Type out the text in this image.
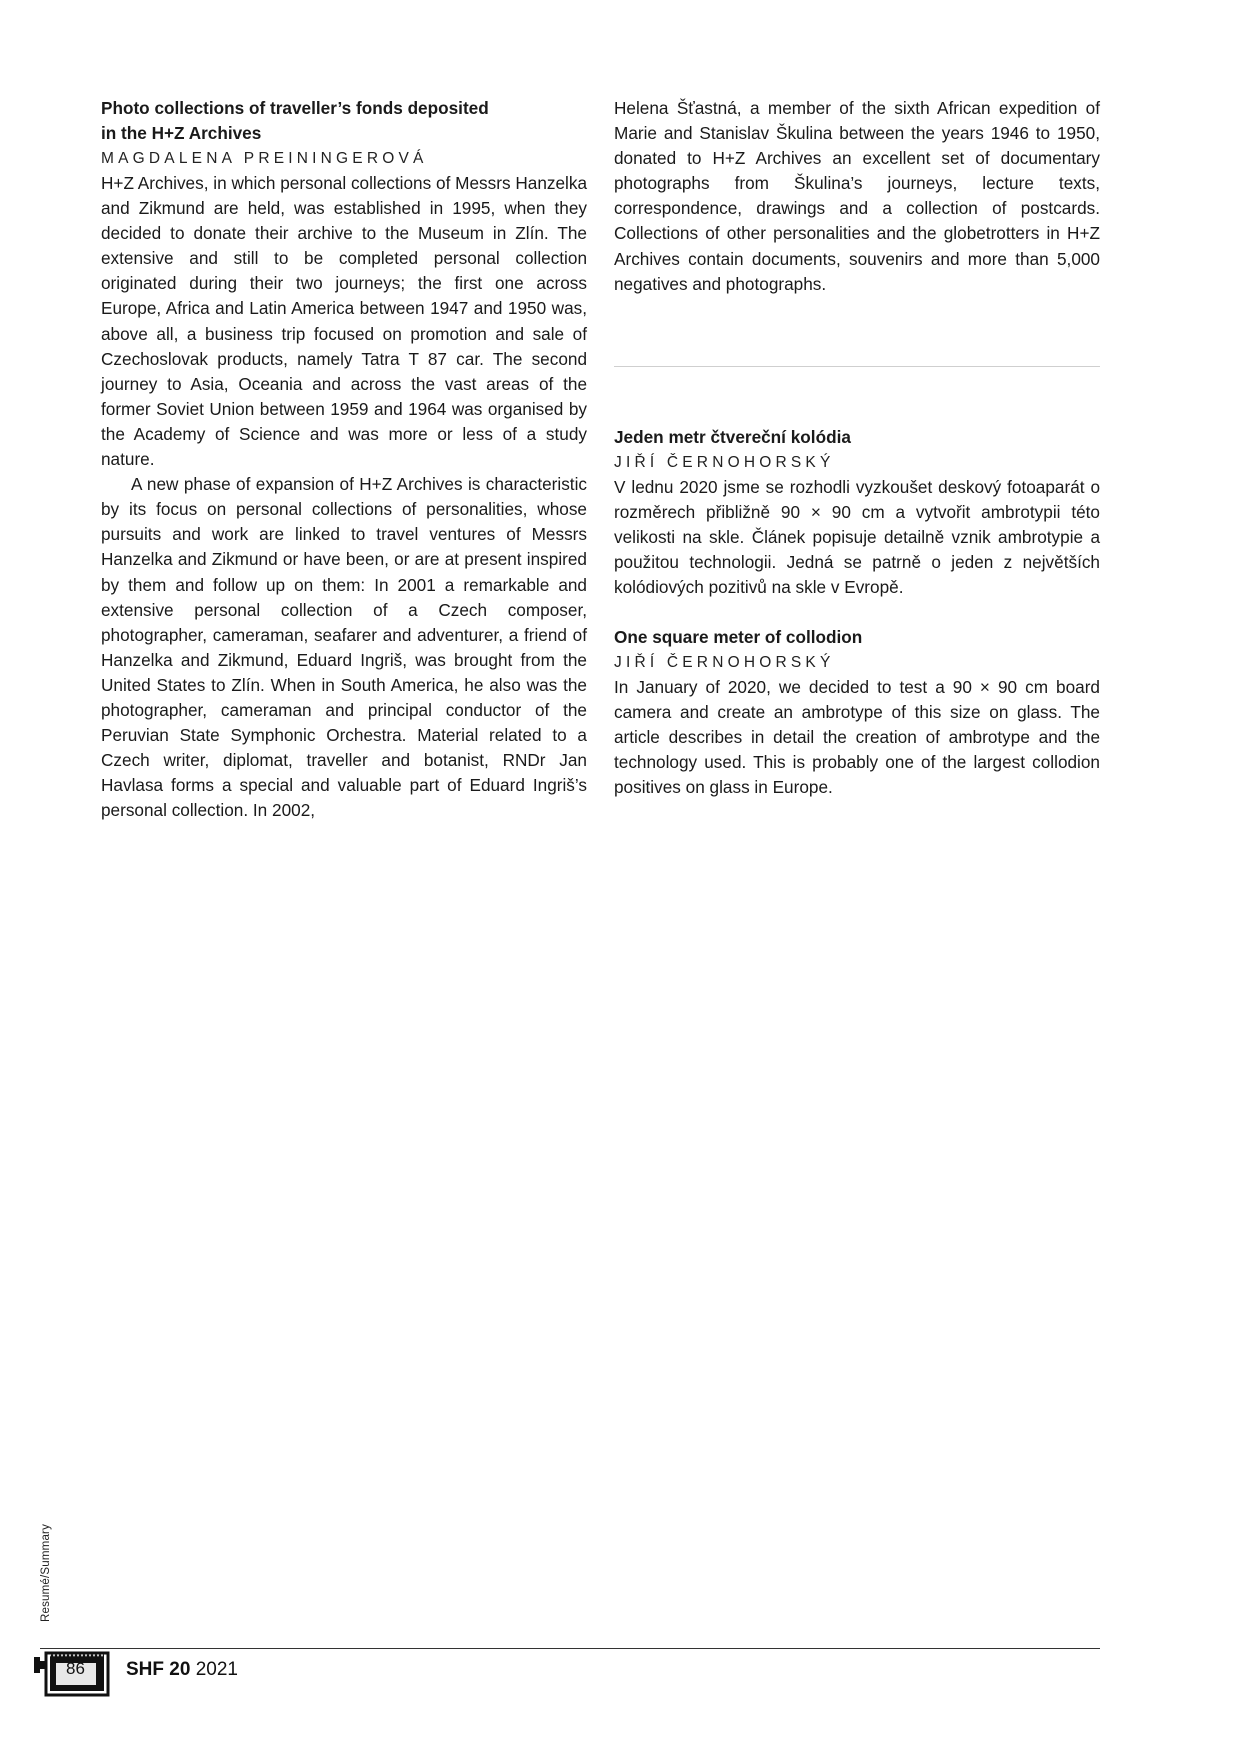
Photo collections of traveller’s fonds deposited

in the H+Z Archives

MAGDALENA PREININGEROVÁ

H+Z Archives, in which personal collections of Messrs Hanzelka and Zikmund are held, was established in 1995, when they decided to donate their archive to the Museum in Zlín. The extensive and still to be completed personal collection originated during their two journeys; the first one across Europe, Africa and Latin America between 1947 and 1950 was, above all, a business trip focused on promotion and sale of Czechoslovak products, namely Tatra T 87 car. The second journey to Asia, Oceania and across the vast areas of the former Soviet Union between 1959 and 1964 was organised by the Academy of Science and was more or less of a study nature.

A new phase of expansion of H+Z Archives is characteristic by its focus on personal collections of personalities, whose pursuits and work are linked to travel ventures of Messrs Hanzelka and Zikmund or have been, or are at present inspired by them and follow up on them: In 2001 a remarkable and extensive personal collection of a Czech composer, photographer, cameraman, seafarer and adventurer, a friend of Hanzelka and Zikmund, Eduard Ingriš, was brought from the United States to Zlín. When in South America, he also was the photographer, cameraman and principal conductor of the Peruvian State Symphonic Orchestra. Material related to a Czech writer, diplomat, traveller and botanist, RNDr Jan Havlasa forms a special and valuable part of Eduard Ingriš’s personal collection. In 2002,

Helena Šťastná, a member of the sixth African expedition of Marie and Stanislav Škulina between the years 1946 to 1950, donated to H+Z Archives an excellent set of documentary photographs from Škulina’s journeys, lecture texts, correspondence, drawings and a collection of postcards. Collections of other personalities and the globetrotters in H+Z Archives contain documents, souvenirs and more than 5,000 negatives and photographs.

Jeden metr čtvereční kolódia

JIŘÍ ČERNOHORSKÝ

V lednu 2020 jsme se rozhodli vyzkoušet deskový fotoaparát o rozměrech přibližně 90 × 90 cm a vytvořit ambrotypii této velikosti na skle. Článek popisuje detailně vznik ambrotypie a použitou technologii. Jedná se patrně o jeden z největších kolódiových pozitivů na skle v Evropě.

One square meter of collodion

JIŘÍ ČERNOHORSKÝ

In January of 2020, we decided to test a 90 × 90 cm board camera and create an ambrotype of this size on glass. The article describes in detail the creation of ambrotype and the technology used. This is probably one of the largest collodion positives on glass in Europe.

Resumé/Summary
86 SHF 20 2021
